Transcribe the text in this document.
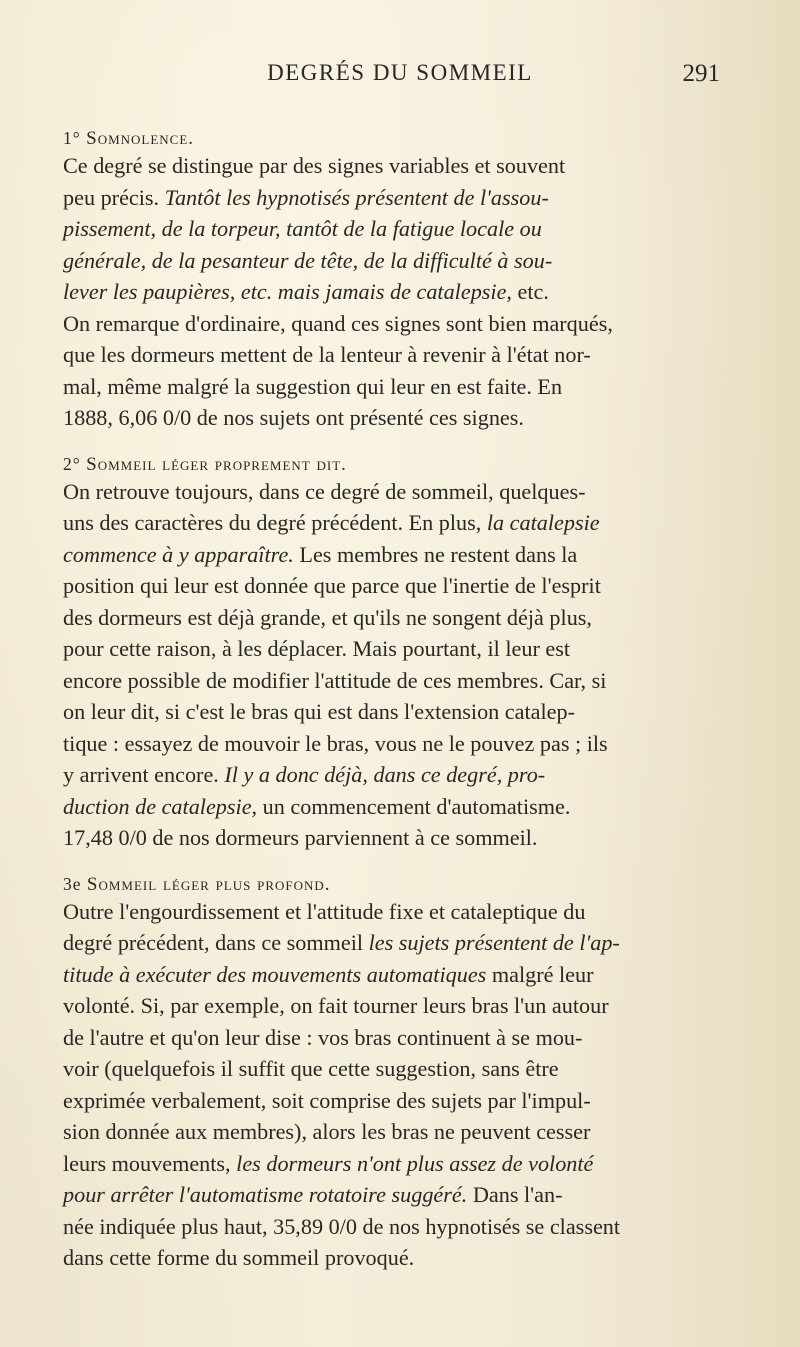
DEGRÉS DU SOMMEIL	291
1° Somnolence.

Ce degré se distingue par des signes variables et souvent
peu précis. Tantôt les hypnotisés présentent de l'assou-
pissement, de la torpeur, tantôt de la fatigue locale ou
générale, de la pesanteur de tête, de la difficulté à sou-
lever les paupières, etc. mais jamais de catalepsie, etc.
On remarque d'ordinaire, quand ces signes sont bien marqués,
que les dormeurs mettent de la lenteur à revenir à l'état nor-
mal, même malgré la suggestion qui leur en est faite. En
1888, 6,06 0/0 de nos sujets ont présenté ces signes.

2° Sommeil léger proprement dit.

On retrouve toujours, dans ce degré de sommeil, quelques-
uns des caractères du degré précédent. En plus, la catalepsie
commence à y apparaître. Les membres ne restent dans la
position qui leur est donnée que parce que l'inertie de l'esprit
des dormeurs est déjà grande, et qu'ils ne songent déjà plus,
pour cette raison, à les déplacer. Mais pourtant, il leur est
encore possible de modifier l'attitude de ces membres. Car, si
on leur dit, si c'est le bras qui est dans l'extension catalep-
tique : essayez de mouvoir le bras, vous ne le pouvez pas ; ils
y arrivent encore. Il y a donc déjà, dans ce degré, pro-
duction de catalepsie, un commencement d'automatisme.
17,48 0/0 de nos dormeurs parviennent à ce sommeil.

3e Sommeil léger plus profond.

Outre l'engourdissement et l'attitude fixe et cataleptique du
degré précédent, dans ce sommeil les sujets présentent de l'ap-
titude à exécuter des mouvements automatiques malgré leur
volonté. Si, par exemple, on fait tourner leurs bras l'un autour
de l'autre et qu'on leur dise : vos bras continuent à se mou-
voir (quelquefois il suffit que cette suggestion, sans être
exprimée verbalement, soit comprise des sujets par l'impul-
sion donnée aux membres), alors les bras ne peuvent cesser
leurs mouvements, les dormeurs n'ont plus assez de volonté
pour arrêter l'automatisme rotatoire suggéré. Dans l'an-
née indiquée plus haut, 35,89 0/0 de nos hypnotisés se classent
dans cette forme du sommeil provoqué.
